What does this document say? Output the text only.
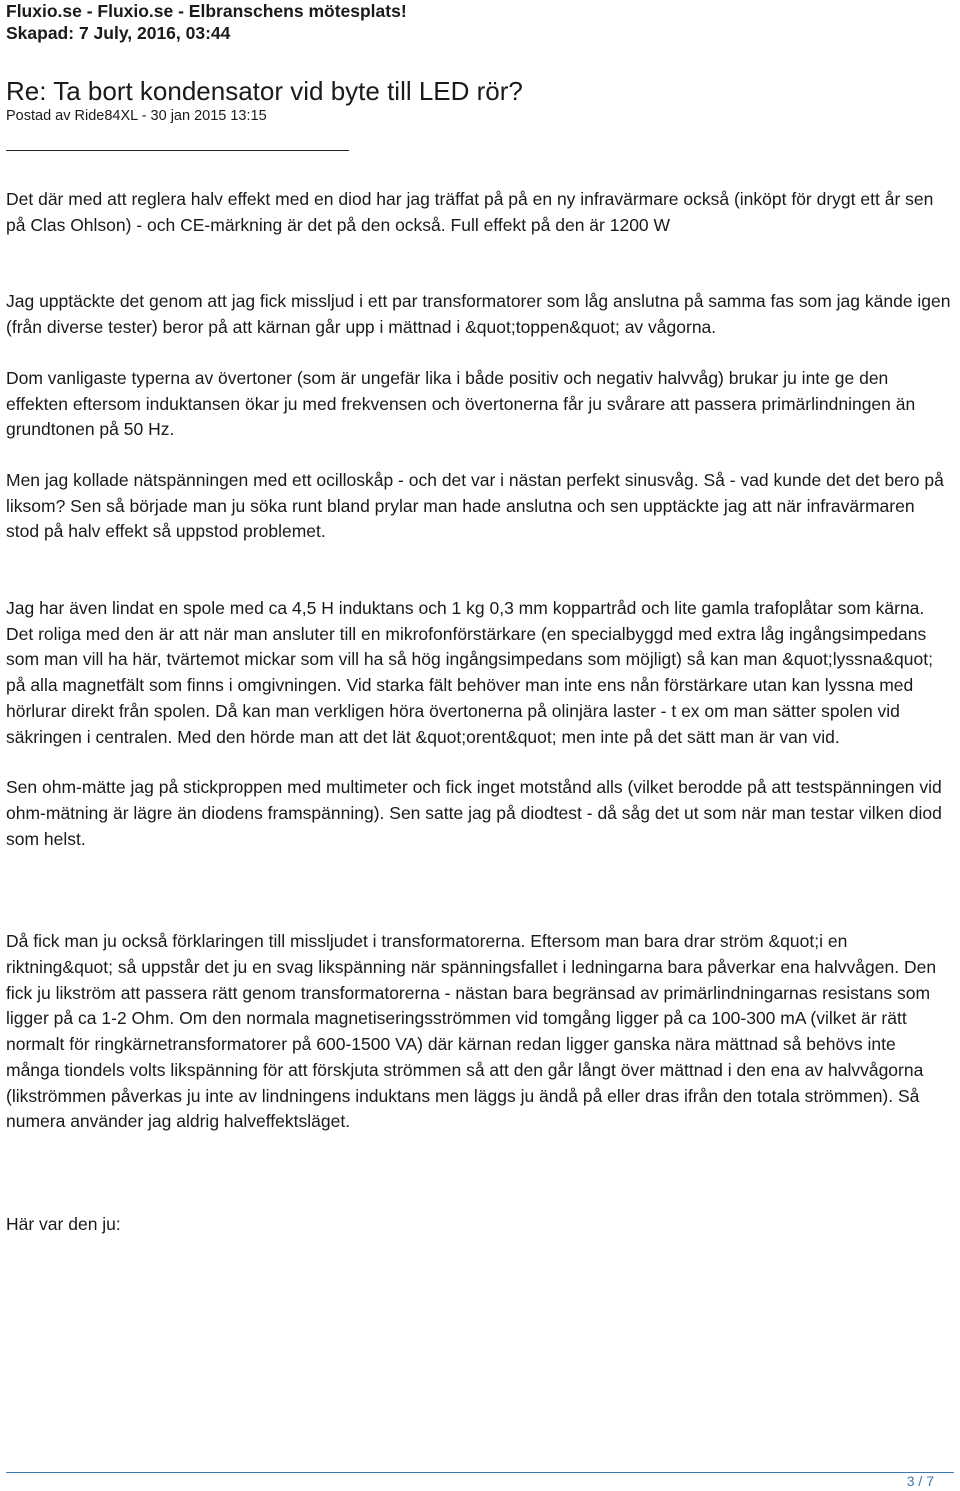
Fluxio.se - Fluxio.se - Elbranschens mötesplats!

Skapad: 7 July, 2016, 03:44

Re: Ta bort kondensator vid byte till LED rör?
Postad av Ride84XL - 30 jan 2015 13:15

Det där med att reglera halv effekt med en diod har jag träffat på på en ny infravärmare också (inköpt för drygt ett år sen på Clas Ohlson) - och CE-märkning är det på den också. Full effekt på den är 1200 W

Jag upptäckte det genom att jag fick missljud i ett par transformatorer som låg anslutna på samma fas som jag kände igen (från diverse tester) beror på att kärnan går upp i mättnad i &quot;toppen&quot; av vågorna.

Dom vanligaste typerna av övertoner (som är ungefär lika i både positiv och negativ halvvåg) brukar ju inte ge den effekten eftersom induktansen ökar ju med frekvensen och övertonerna får ju svårare att passera primärlindningen än grundtonen på 50 Hz.

Men jag kollade nätspänningen med ett ocilloskåp - och det var i nästan perfekt sinusvåg. Så - vad kunde det det bero på liksom? Sen så började man ju söka runt bland prylar man hade anslutna och sen upptäckte jag att när infravärmaren stod på halv effekt så uppstod problemet.

Jag har även lindat en spole med ca 4,5 H induktans och 1 kg 0,3 mm koppartråd och lite gamla trafoplåtar som kärna. Det roliga med den är att när man ansluter till en mikrofonförstärkare (en specialbyggd med extra låg ingångsimpedans som man vill ha här, tvärtemot mickar som vill ha så hög ingångsimpedans som möjligt) så kan man &quot;lyssna&quot; på alla magnetfält som finns i omgivningen. Vid starka fält behöver man inte ens nån förstärkare utan kan lyssna med hörlurar direkt från spolen. Då kan man verkligen höra övertonerna på olinjära laster - t ex om man sätter spolen vid säkringen i centralen. Med den hörde man att det lät &quot;orent&quot; men inte på det sätt man är van vid.

Sen ohm-mätte jag på stickproppen med multimeter och fick inget motstånd alls (vilket berodde på att testspänningen vid ohm-mätning är lägre än diodens framspänning). Sen satte jag på diodtest - då såg det ut som när man testar vilken diod som helst.

Då fick man ju också förklaringen till missljudet i transformatorerna. Eftersom man bara drar ström &quot;i en riktning&quot; så uppstår det ju en svag likspänning när spänningsfallet i ledningarna bara påverkar ena halvvågen. Den fick ju likström att passera rätt genom transformatorerna - nästan bara begränsad av primärlindningarnas resistans som ligger på ca 1-2 Ohm. Om den normala magnetiseringsströmmen vid tomgång ligger på ca 100-300 mA (vilket är rätt normalt för ringkärnetransformatorer på 600-1500 VA) där kärnan redan ligger ganska nära mättnad så behövs inte många tiondels volts likspänning för att förskjuta strömmen så att den går långt över mättnad i den ena av halvvågorna (likströmmen påverkas ju inte av lindningens induktans men läggs ju ändå på eller dras ifrån den totala strömmen). Så numera använder jag aldrig halveffektsläget.

Här var den ju:

3 / 7
